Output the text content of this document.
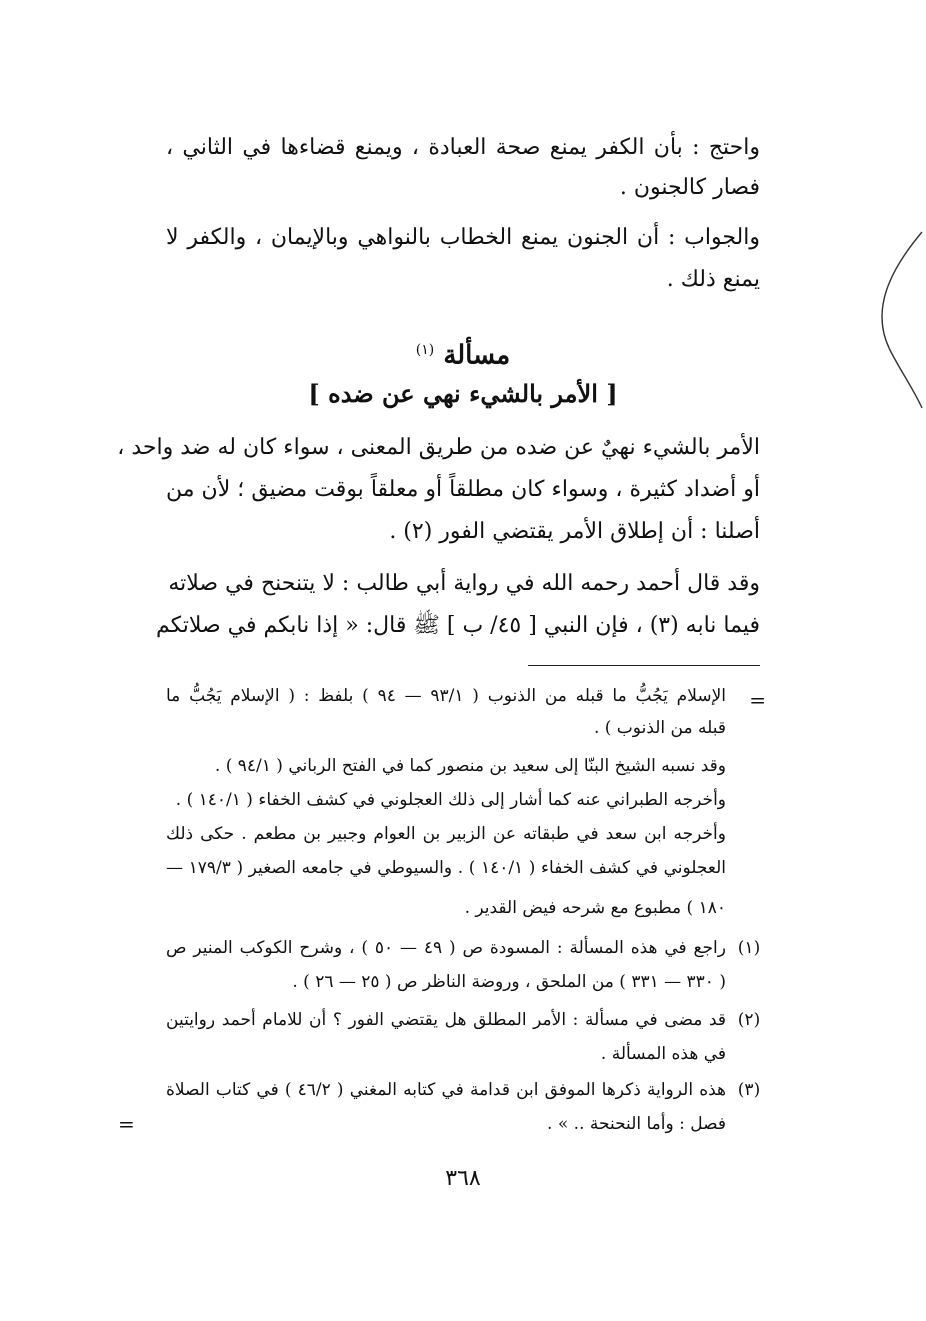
واحتج : بأن الكفر يمنع صحة العبادة ، ويمنع قضاءها في الثاني ،
فصار كالجنون .
والجواب : أن الجنون يمنع الخطاب بالنواهي وبالإيمان ، والكفر لا
يمنع ذلك .
مسألة $^{(١)}$
[ الأمر بالشيء نهي عن ضده ]
الأمر بالشيء نهيٌ عن ضده من طريق المعنى ، سواء كان له ضد واحد ،
أو أضداد كثيرة ، وسواء كان مطلقاً أو معلقاً بوقت مضيق ؛ لأن من
أصلنا : أن إطلاق الأمر يقتضي الفور (٢) .
وقد قال أحمد رحمه الله في رواية أبي طالب : لا يتنحنح في صلاته
فيما نابه (٣) ، فإن النبي [ ٤٥/ ب ] ﷺ قال: « إذا نابكم في صلاتكم
=
الإسلام يَجُبُّ ما قبله من الذنوب ( ٩٣/١ — ٩٤ ) بلفظ : ( الإسلام يَجُبُّ ما
قبله من الذنوب ) .
وقد نسبه الشيخ البنّا إلى سعيد بن منصور كما في الفتح الرباني ( ٩٤/١ ) .
وأخرجه الطبراني عنه كما أشار إلى ذلك العجلوني في كشف الخفاء ( ١٤٠/١ ) .
وأخرجه ابن سعد في طبقاته عن الزبير بن العوام وجبير بن مطعم . حكى ذلك
العجلوني في كشف الخفاء ( ١٤٠/١ ) . والسيوطي في جامعه الصغير ( ١٧٩/٣ —
١٨٠ ) مطبوع مع شرحه فيض القدير .
(١)
راجع في هذه المسألة : المسودة ص ( ٤٩ — ٥٠ ) ، وشرح الكوكب المنير ص
( ٣٣٠ — ٣٣١ ) من الملحق ، وروضة الناظر ص ( ٢٥ — ٢٦ ) .
(٢)
قد مضى في مسألة : الأمر المطلق هل يقتضي الفور ؟ أن للامام أحمد روايتين
في هذه المسألة .
(٣)
هذه الرواية ذكرها الموفق ابن قدامة في كتابه المغني ( ٤٦/٢ ) في كتاب الصلاة
فصل : وأما النحنحة .. » .
=
٣٦٨
